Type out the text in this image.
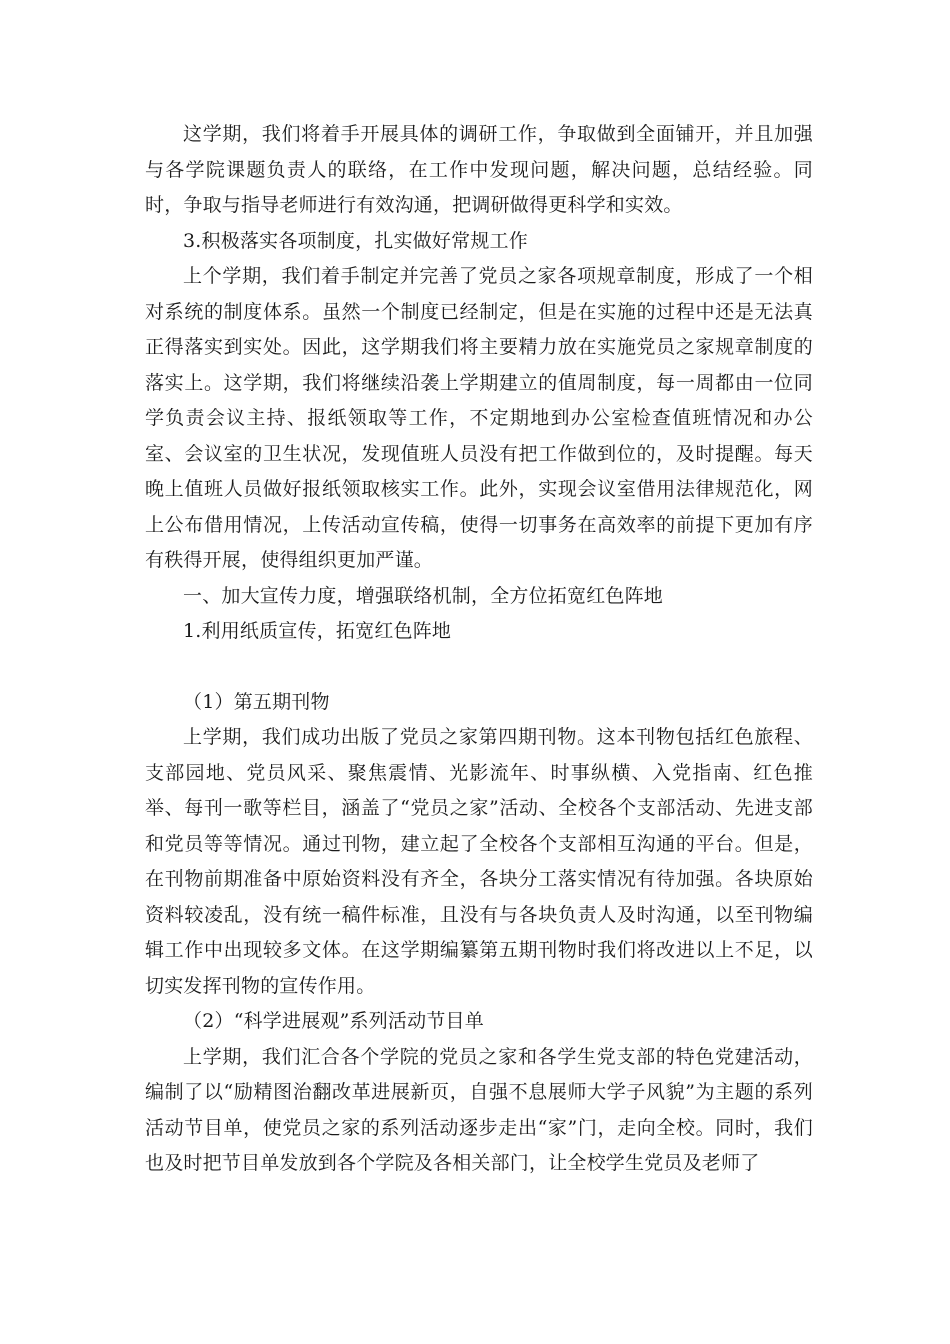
这学期，我们将着手开展具体的调研工作，争取做到全面铺开，并且加强与各学院课题负责人的联络，在工作中发现问题，解决问题，总结经验。同时，争取与指导老师进行有效沟通，把调研做得更科学和实效。

3.积极落实各项制度，扎实做好常规工作

上个学期，我们着手制定并完善了党员之家各项规章制度，形成了一个相对系统的制度体系。虽然一个制度已经制定，但是在实施的过程中还是无法真正得落实到实处。因此，这学期我们将主要精力放在实施党员之家规章制度的落实上。这学期，我们将继续沿袭上学期建立的值周制度，每一周都由一位同学负责会议主持、报纸领取等工作，不定期地到办公室检查值班情况和办公室、会议室的卫生状况，发现值班人员没有把工作做到位的，及时提醒。每天晚上值班人员做好报纸领取核实工作。此外，实现会议室借用法律规范化，网上公布借用情况，上传活动宣传稿，使得一切事务在高效率的前提下更加有序有秩得开展，使得组织更加严谨。

一、加大宣传力度，增强联络机制，全方位拓宽红色阵地

1.利用纸质宣传，拓宽红色阵地

（1）第五期刊物

上学期，我们成功出版了党员之家第四期刊物。这本刊物包括红色旅程、支部园地、党员风采、聚焦震情、光影流年、时事纵横、入党指南、红色推举、每刊一歌等栏目，涵盖了“党员之家”活动、全校各个支部活动、先进支部和党员等等情况。通过刊物，建立起了全校各个支部相互沟通的平台。但是，在刊物前期准备中原始资料没有齐全，各块分工落实情况有待加强。各块原始资料较凌乱，没有统一稿件标准，且没有与各块负责人及时沟通，以至刊物编辑工作中出现较多文体。在这学期编纂第五期刊物时我们将改进以上不足，以切实发挥刊物的宣传作用。

（2）“科学进展观”系列活动节目单

上学期，我们汇合各个学院的党员之家和各学生党支部的特色党建活动，编制了以“励精图治翻改革进展新页，自强不息展师大学子风貌”为主题的系列活动节目单，使党员之家的系列活动逐步走出“家”门，走向全校。同时，我们也及时把节目单发放到各个学院及各相关部门，让全校学生党员及老师了
